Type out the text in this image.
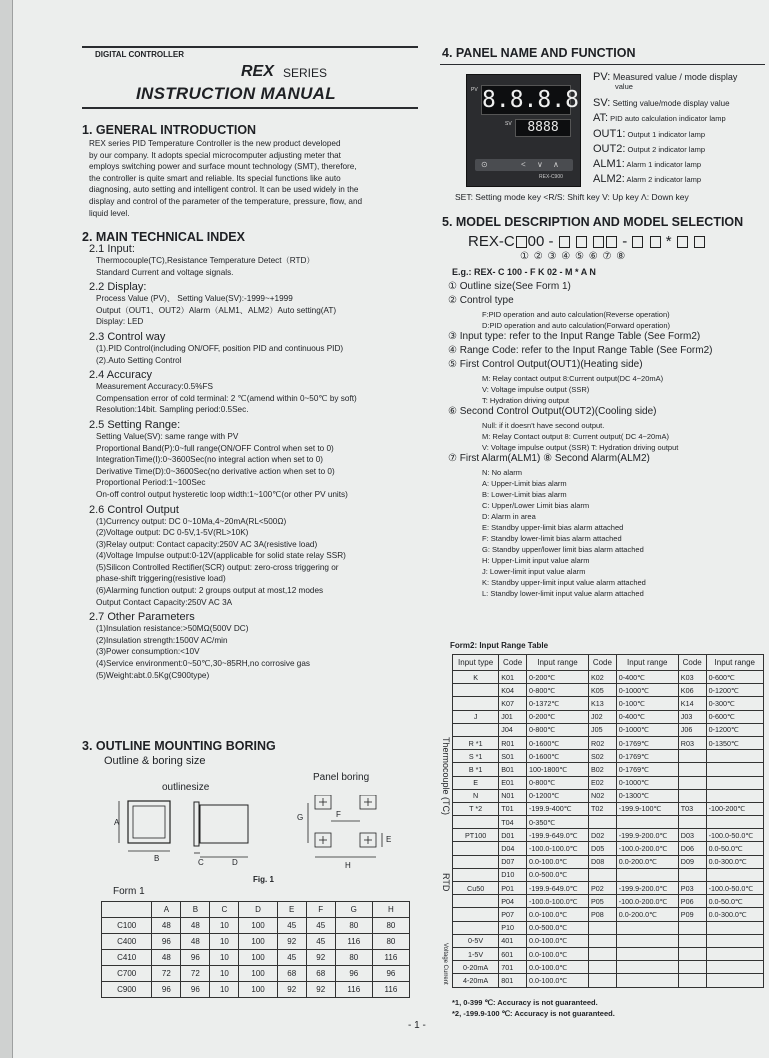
DIGITAL CONTROLLER
REX SERIES
INSTRUCTION MANUAL
1. GENERAL INTRODUCTION
REX series PID Temperature Controller is the new product developed
by our company. It adopts special microcomputer adjusting meter that
employs switching power and surface mount technology (SMT), therefore,
the controller is quite smart and reliable. Its special functions like auto
diagnosing, auto setting and intelligent control. It can be used widely in the
display and control of the parameter of the temperature, pressure, flow, and
liquid level.
2. MAIN TECHNICAL INDEX
2.1 Input:
Thermocouple(TC),Resistance Temperature Detect（RTD）
Standard Current and voltage signals.
2.2 Display:
Process Value (PV)、 Setting Value(SV):-1999~+1999
Output（OUT1、OUT2）Alarm（ALM1、ALM2）Auto setting(AT)
Display: LED
2.3 Control way
(1).PID Control(including ON/OFF, position PID and continuous PID)
(2).Auto Setting Control
2.4 Accuracy
Measurement Accuracy:0.5%FS
Compensation error of cold terminal: 2 ℃(amend within 0~50℃ by soft)
Resolution:14bit. Sampling period:0.5Sec.
2.5 Setting Range:
Setting Value(SV): same range with PV
Proportional Band(P):0~full range(ON/OFF Control when set to 0)
IntegrationTime(I):0~3600Sec(no integral action when set to 0)
Derivative Time(D):0~3600Sec(no derivative action when set to 0)
Proportional Period:1~100Sec
On-off control output hysteretic loop width:1~100℃(or other PV units)
2.6 Control Output
(1)Currency output: DC 0~10Ma,4~20mA(RL<500Ω)
(2)Voltage output: DC 0-5V,1-5V(RL>10K)
(3)Relay output: Contact capacity:250V AC 3A(resistive load)
(4)Voltage Impulse output:0-12V(applicable for solid state relay SSR)
(5)Silicon Controlled Rectifier(SCR) output: zero-cross triggering or
phase-shift triggering(resistive load)
(6)Alarming function output: 2 groups output at most,12 modes
Output Contact Capacity:250V AC 3A
2.7 Other Parameters
(1)Insulation resistance:>50MΩ(500V DC)
(2)Insulation strength:1500V AC/min
(3)Power consumption:<10V
(4)Service environment:0~50℃,30~85RH,no corrosive gas
(5)Weight:abt.0.5Kg(C900type)
3. OUTLINE MOUNTING BORING
Outline & boring size
outlinesize
Panel boring
A
B	C	D
E
F
G
H
Fig. 1
Form 1
	A	B	C	D	E	F	G	H
C100	48	48	10	100	45	45	80	80
C400	96	48	10	100	92	45	116	80
C410	48	96	10	100	45	92	80	116
C700	72	72	10	100	68	68	96	96
C900	96	96	10	100	92	92	116	116
- 1 -
4. PANEL NAME AND FUNCTION
8.8.8.8
PV
8888
SV
⊙	< ∨ ∧
REX-C900
PV: Measured value / mode display
value
SV: Setting value/mode display value
AT: PID auto calculation indicator lamp
OUT1: Output 1 indicator lamp
OUT2: Output 2 indicator lamp
ALM1: Alarm 1 indicator lamp
ALM2: Alarm 2 indicator lamp
SET: Setting mode key <R/S: Shift key V: Up key Λ: Down key
5. MODEL DESCRIPTION AND MODEL SELECTION
REX-C 00 -	-   *
① ② ③ ④ ⑤ ⑥ ⑦ ⑧
E.g.: REX- C 100 - F K 02 - M * A N
① Outline size(See Form 1)
② Control type
F:PID operation and auto calculation(Reverse operation)
D:PID operation and auto calculation(Forward operation)
③ Input type: refer to the Input Range Table (See Form2)
④ Range Code: refer to the Input Range Table (See Form2)
⑤ First Control Output(OUT1)(Heating side)
M: Relay contact output 8:Current output(DC 4~20mA)
V: Voltage impulse output (SSR)
T: Hydration driving output
⑥ Second Control Output(OUT2)(Cooling side)
Null: if it doesn't have second output.
M: Relay Contact output 8: Current output( DC 4~20mA)
V: Voltage impulse output (SSR) T: Hydration driving output
⑦ First Alarm(ALM1) ⑧ Second Alarm(ALM2)
N: No alarm
A: Upper-Limit bias alarm
B: Lower-Limit bias alarm
C: Upper/Lower Limit bias alarm
D: Alarm in area
E: Standby upper-limit bias alarm attached
F: Standby lower-limit bias alarm attached
G: Standby upper/lower limit bias alarm attached
H: Upper-Limit input value alarm
J: Lower-limit input value alarm
K: Standby upper-limit input value alarm attached
L: Standby lower-limit input value alarm attached
Form2: Input Range Table
Thermocouple (TC)
RTD
Voltage Current
Input type	Code	Input range	Code	Input range	Code	Input range
K	K01	0-200℃	K02	0-400℃	K03	0-600℃
	K04	0-800℃	K05	0-1000℃	K06	0-1200℃
	K07	0-1372℃	K13	0-100℃	K14	0-300℃
J	J01	0-200℃	J02	0-400℃	J03	0-600℃
	J04	0-800℃	J05	0-1000℃	J06	0-1200℃
R *1	R01	0-1600℃	R02	0-1769℃	R03	0-1350℃
S *1	S01	0-1600℃	S02	0-1769℃		
B *1	B01	100-1800℃	B02	0-1769℃		
E	E01	0-800℃	E02	0-1000℃		
N	N01	0-1200℃	N02	0-1300℃		
T *2	T01	-199.9-400℃	T02	-199.9-100℃	T03	-100-200℃
	T04	0-350℃				
PT100	D01	-199.9-649.0℃	D02	-199.9-200.0℃	D03	-100.0-50.0℃
	D04	-100.0-100.0℃	D05	-100.0-200.0℃	D06	0.0-50.0℃
	D07	0.0-100.0℃	D08	0.0-200.0℃	D09	0.0-300.0℃
	D10	0.0-500.0℃				
Cu50	P01	-199.9-649.0℃	P02	-199.9-200.0℃	P03	-100.0-50.0℃
	P04	-100.0-100.0℃	P05	-100.0-200.0℃	P06	0.0-50.0℃
	P07	0.0-100.0℃	P08	0.0-200.0℃	P09	0.0-300.0℃
	P10	0.0-500.0℃				
0-5V	401	0.0-100.0℃				
1-5V	601	0.0-100.0℃				
0-20mA	701	0.0-100.0℃				
4-20mA	801	0.0-100.0℃				
*1, 0-399 ℃: Accuracy is not guaranteed.
*2, -199.9-100 ℃: Accuracy is not guaranteed.
